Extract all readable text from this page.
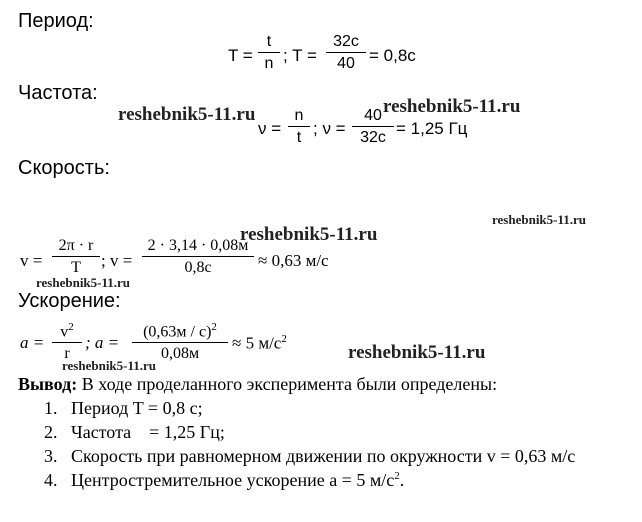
Период:
T =
t
n ; T =
32c
40 = 0,8c
Частота:
ν =
n
t ; ν =
40
32c = 1,25 Гц
Скорость:
v =
2π · r
T	; v =
2 · 3,14 · 0,08м
0,8c	≈ 0,63 м/с
Ускорение:
a =
$v^2$
r
; a =
(0,63м / с)$^2$
0,08м
≈ 5 $м/с^2$
Вывод: В ходе проделанного эксперимента были определены:
1. Период T = 0,8 с;
2. Частота    = 1,25 Гц;
3. Скорость при равномерном движении по окружности v = 0,63 м/с
4. Центростремительное ускорение a = 5 $м/с^2$.
reshebnik5-11.ru	reshebnik5-11.ru
reshebnik5-11.ru
reshebnik5-11.ru
reshebnik5-11.ru
reshebnik5-11.ru
reshebnik5-11.ru
